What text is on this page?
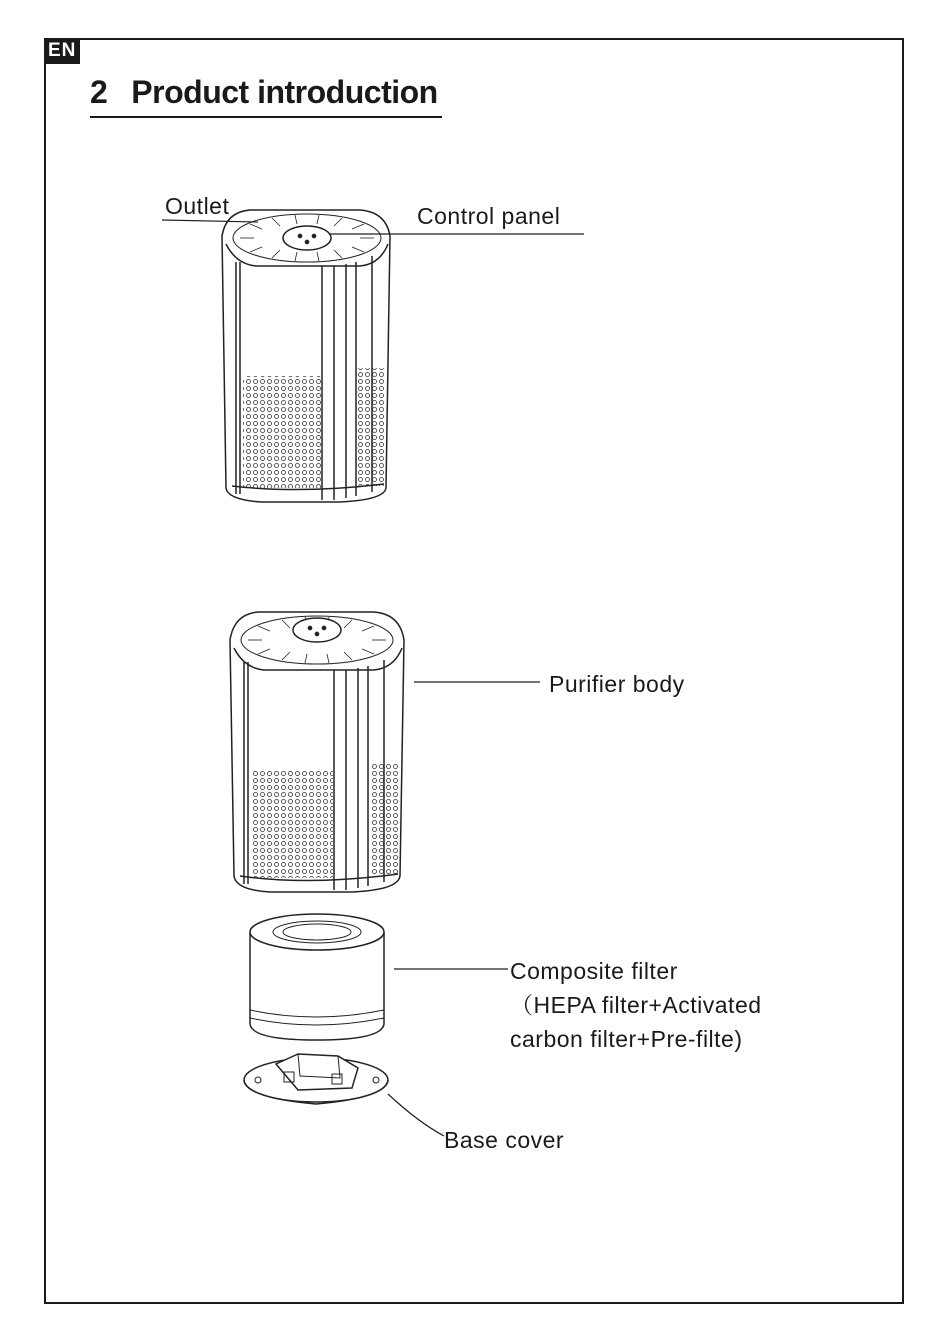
EN
2 Product introduction
Outlet	Control panel
Purifier body
Composite filter
（HEPA filter+Activated
carbon filter+Pre-filte)
Base cover
